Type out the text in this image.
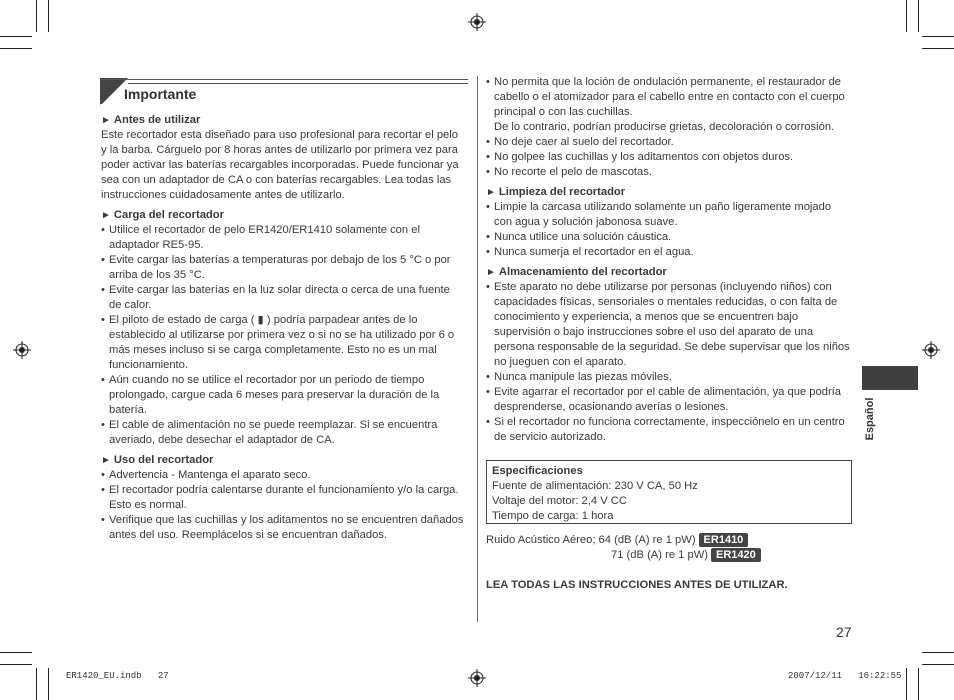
Importante

► Antes de utilizar

Este recortador esta diseñado para uso profesional para recortar el pelo y la barba. Cárguelo por 8 horas antes de utilizarlo por primera vez para poder activar las baterías recargables incorporadas. Puede funcionar ya sea con un adaptador de CA o con baterías recargables. Lea todas las instrucciones cuidadosamente antes de utilizarlo.

► Carga del recortador

• Utilice el recortador de pelo ER1420/ER1410 solamente con el adaptador RE5-95.
• Evite cargar las baterías a temperaturas por debajo de los 5 °C o por arriba de los 35 °C.
• Evite cargar las baterías en la luz solar directa o cerca de una fuente de calor.
• El piloto de estado de carga ( ▮ ) podría parpadear antes de lo establecido al utilizarse por primera vez o si no se ha utilizado por 6 o más meses incluso si se carga completamente. Esto no es un mal funcionamiento.
• Aún cuando no se utilice el recortador por un periodo de tiempo prolongado, cargue cada 6 meses para preservar la duración de la batería.
• El cable de alimentación no se puede reemplazar. Si se encuentra averiado, debe desechar el adaptador de CA.

► Uso del recortador

• Advertencia - Mantenga el aparato seco.
• El recortador podría calentarse durante el funcionamiento y/o la carga. Esto es normal.
• Verifique que las cuchillas y los aditamentos no se encuentren dañados antes del uso. Reemplácelos si se encuentran dañados.
• No permita que la loción de ondulación permanente, el restaurador de cabello o el atomizador para el cabello entre en contacto con el cuerpo principal o con las cuchillas.
De lo contrario, podrían producirse grietas, decoloración o corrosión.
• No deje caer al suelo del recortador.
• No golpee las cuchillas y los aditamentos con objetos duros.
• No recorte el pelo de mascotas.

► Limpieza del recortador

• Limpie la carcasa utilizando solamente un paño ligeramente mojado con agua y solución jabonosa suave.
• Nunca utilice una solución cáustica.
• Nunca sumerja el recortador en el agua.

► Almacenamiento del recortador

• Este aparato no debe utilizarse por personas (incluyendo niños) con capacidades físicas, sensoriales o mentales reducidas, o con falta de conocimiento y experiencia, a menos que se encuentren bajo supervisión o bajo instrucciones sobre el uso del aparato de una persona responsable de la seguridad. Se debe supervisar que los niños no jueguen con el aparato.
• Nunca manipule las piezas móviles.
• Evite agarrar el recortador por el cable de alimentación, ya que podría desprenderse, ocasionando averías o lesiones.
• Si el recortador no funciona correctamente, inspecciónelo en un centro de servicio autorizado.
Especificaciones
Fuente de alimentación: 230 V CA, 50 Hz
Voltaje del motor: 2,4 V CC
Tiempo de carga: 1 hora
Ruido Acústico Aéreo; 64 (dB (A) re 1 pW) ER1410
71 (dB (A) re 1 pW) ER1420
LEA TODAS LAS INSTRUCCIONES ANTES DE UTILIZAR.
Español
27
ER1420_EU.indb   27	2007/12/11   16:22:55
